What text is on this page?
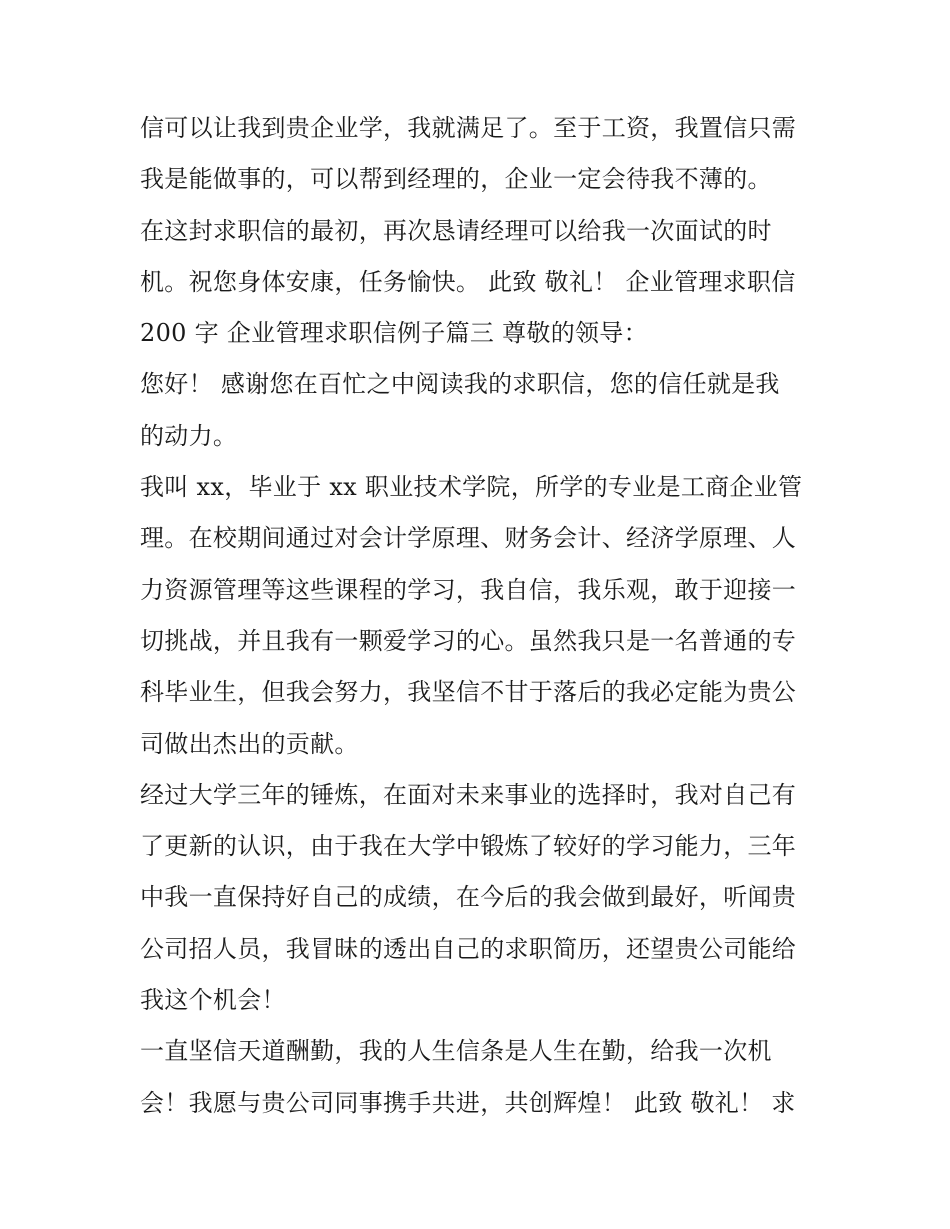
信可以让我到贵企业学，我就满足了。至于工资，我置信只需
我是能做事的，可以帮到经理的，企业一定会待我不薄的。
在这封求职信的最初，再次恳请经理可以给我一次面试的时
机。祝您身体安康，任务愉快。 此致 敬礼！ 企业管理求职信
200 字 企业管理求职信例子篇三 尊敬的领导：
您好！ 感谢您在百忙之中阅读我的求职信，您的信任就是我
的动力。
我叫 xx，毕业于 xx 职业技术学院，所学的专业是工商企业管
理。在校期间通过对会计学原理、财务会计、经济学原理、人
力资源管理等这些课程的学习，我自信，我乐观，敢于迎接一
切挑战，并且我有一颗爱学习的心。虽然我只是一名普通的专
科毕业生，但我会努力，我坚信不甘于落后的我必定能为贵公
司做出杰出的贡献。
经过大学三年的锤炼，在面对未来事业的选择时，我对自己有
了更新的认识，由于我在大学中锻炼了较好的学习能力，三年
中我一直保持好自己的成绩，在今后的我会做到最好，听闻贵
公司招人员，我冒昧的透出自己的求职简历，还望贵公司能给
我这个机会！
一直坚信天道酬勤，我的人生信条是人生在勤，给我一次机
会！我愿与贵公司同事携手共进，共创辉煌！ 此致 敬礼！ 求
